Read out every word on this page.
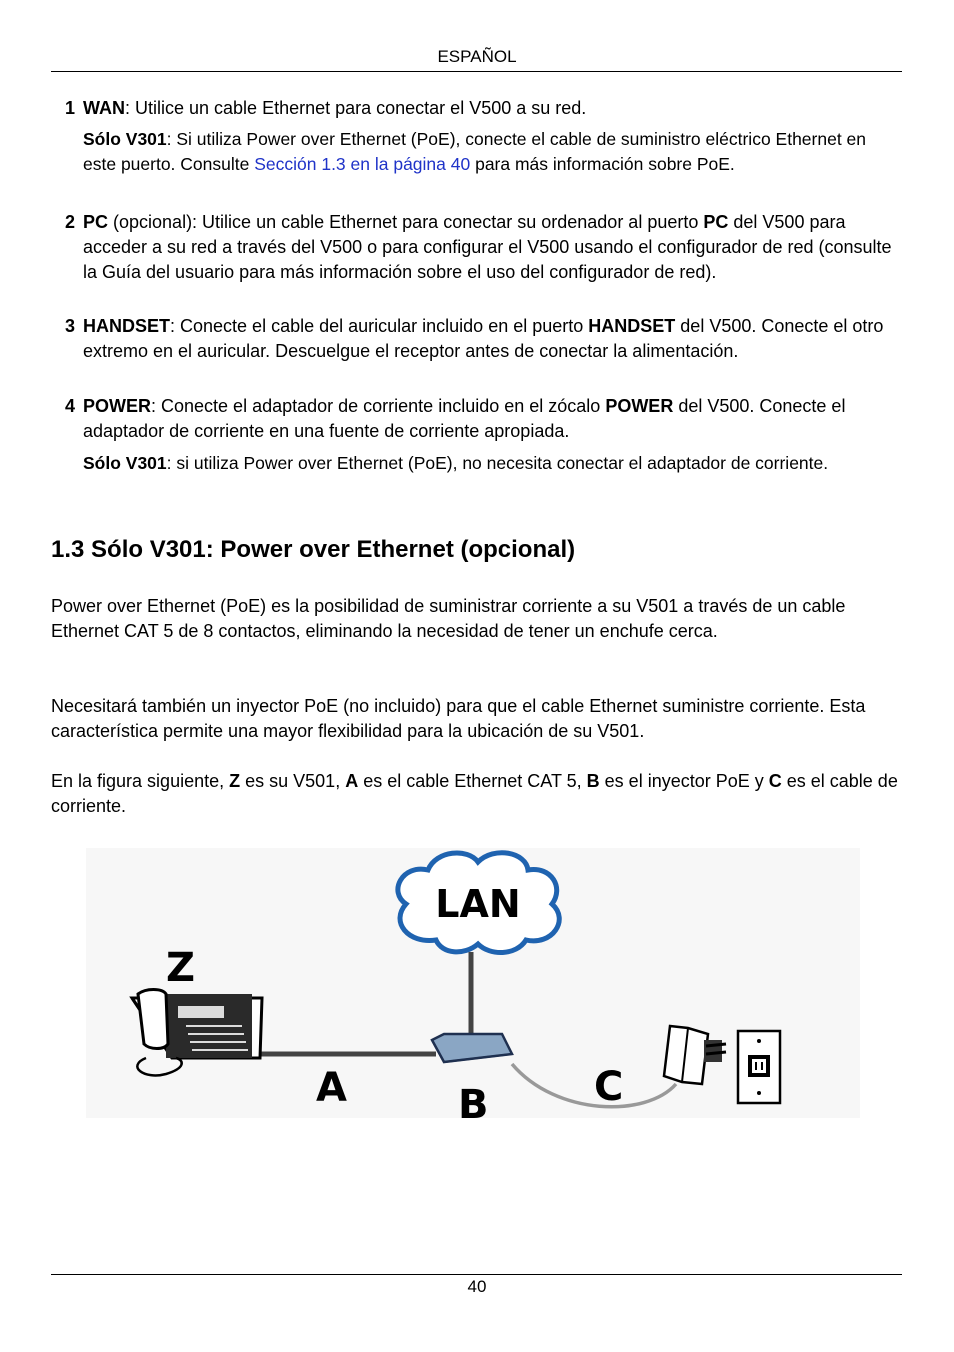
ESPAÑOL
1 WAN: Utilice un cable Ethernet para conectar el V500 a su red.
Sólo V301: Si utiliza Power over Ethernet (PoE), conecte el cable de suministro eléctrico Ethernet en este puerto. Consulte Sección 1.3 en la página 40 para más información sobre PoE.
2 PC (opcional): Utilice un cable Ethernet para conectar su ordenador al puerto PC del V500 para acceder a su red a través del V500 o para configurar el V500 usando el configurador de red (consulte la Guía del usuario para más información sobre el uso del configurador de red).
3 HANDSET: Conecte el cable del auricular incluido en el puerto HANDSET del V500. Conecte el otro extremo en el auricular. Descuelgue el receptor antes de conectar la alimentación.
4 POWER: Conecte el adaptador de corriente incluido en el zócalo POWER del V500. Conecte el adaptador de corriente en una fuente de corriente apropiada.
Sólo V301: si utiliza Power over Ethernet (PoE), no necesita conectar el adaptador de corriente.
1.3 Sólo V301: Power over Ethernet (opcional)
Power over Ethernet (PoE) es la posibilidad de suministrar corriente a su V501 a través de un cable Ethernet CAT 5 de 8 contactos, eliminando la necesidad de tener un enchufe cerca.
Necesitará también un inyector PoE (no incluido) para que el cable Ethernet suministre corriente. Esta característica permite una mayor flexibilidad para la ubicación de su V501.
En la figura siguiente, Z es su V501, A es el cable Ethernet CAT 5, B es el inyector PoE y C es el cable de corriente.
LAN
Z
A	B	C
40
